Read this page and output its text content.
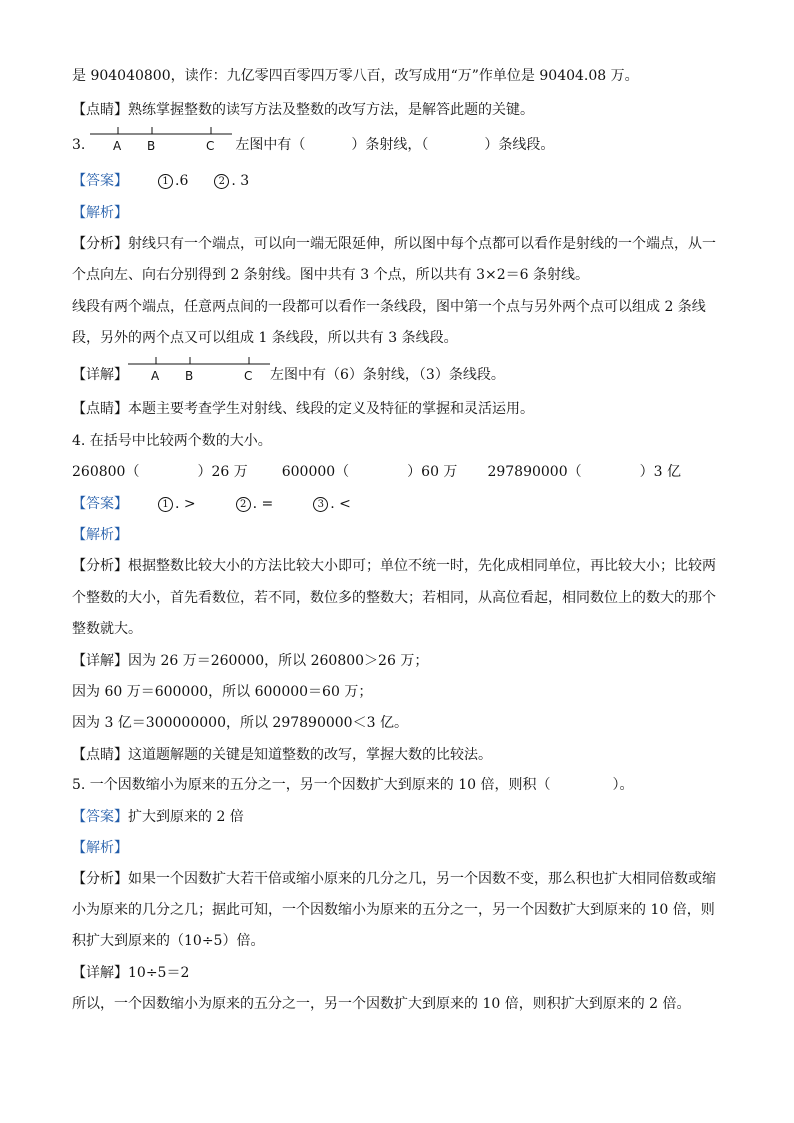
是 904040800，读作：九亿零四百零四万零八百，改写成用“万”作单位是 90404.08 万。
【点睛】熟练掌握整数的读写方法及整数的改写方法，是解答此题的关键。
3.	左图中有（	）条射线，（	）条线段。
A B	C
【答案】	1 .6	2 . 3
【解析】
【分析】射线只有一个端点，可以向一端无限延伸，所以图中每个点都可以看作是射线的一个端点，从一
个点向左、向右分别得到 2 条射线。图中共有 3 个点，所以共有 3×2＝6 条射线。
线段有两个端点，任意两点间的一段都可以看作一条线段，图中第一个点与另外两个点可以组成 2 条线
段，另外的两个点又可以组成 1 条线段，所以共有 3 条线段。
【详解】	左图中有（6）条射线，（3）条线段。
A B	C
【点睛】本题主要考查学生对射线、线段的定义及特征的掌握和灵活运用。
4. 在括号中比较两个数的大小。
260800（	）26 万 600000（	）60 万 297890000（	）3 亿
【答案】	1 . >	2 . =	3 . <
【解析】
【分析】根据整数比较大小的方法比较大小即可；单位不统一时，先化成相同单位，再比较大小；比较两
个整数的大小，首先看数位，若不同，数位多的整数大；若相同，从高位看起，相同数位上的数大的那个
整数就大。
【详解】因为 26 万＝260000，所以 260800＞26 万；
因为 60 万＝600000，所以 600000＝60 万；
因为 3 亿＝300000000，所以 297890000＜3 亿。
【点睛】这道题解题的关键是知道整数的改写，掌握大数的比较法。
5. 一个因数缩小为原来的五分之一，另一个因数扩大到原来的 10 倍，则积（	）。
【答案】扩大到原来的 2 倍
【解析】
【分析】如果一个因数扩大若干倍或缩小原来的几分之几，另一个因数不变，那么积也扩大相同倍数或缩
小为原来的几分之几；据此可知，一个因数缩小为原来的五分之一，另一个因数扩大到原来的 10 倍，则
积扩大到原来的（10÷5）倍。
【详解】10÷5＝2
所以，一个因数缩小为原来的五分之一，另一个因数扩大到原来的 10 倍，则积扩大到原来的 2 倍。
